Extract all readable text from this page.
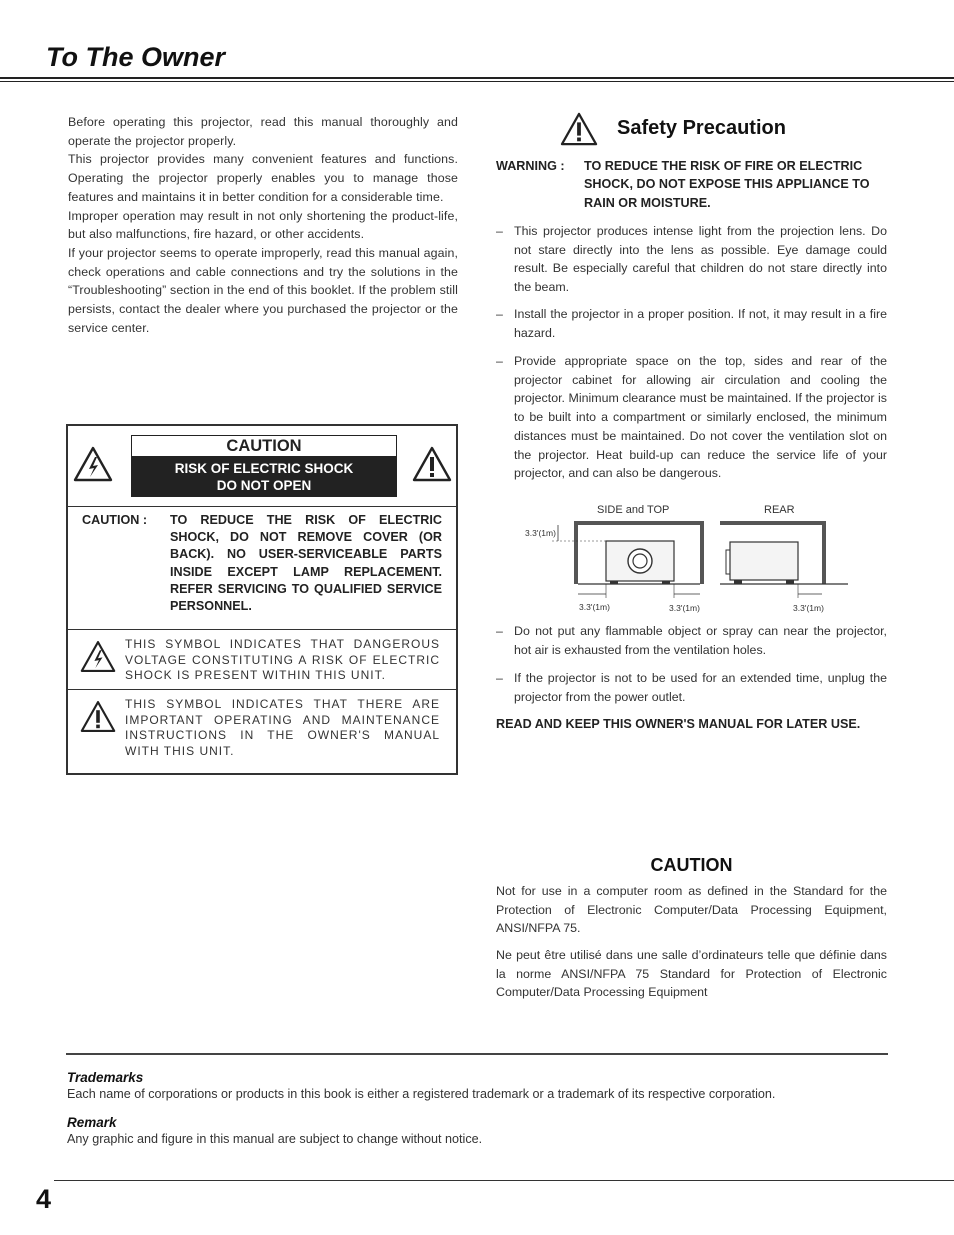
To The Owner

Before operating this projector, read this manual thoroughly and operate the projector properly.

This projector provides many convenient features and functions. Operating the projector properly enables you to manage those features and maintains it in better condition for a considerable time.

Improper operation may result in not only shortening the product-life, but also malfunctions, fire hazard, or other accidents.

If your projector seems to operate improperly, read this manual again, check operations and cable connections and try the solutions in the “Troubleshooting” section in the end of this booklet. If the problem still persists, contact the dealer where you purchased the projector or the service center.

CAUTION
RISK OF ELECTRIC SHOCK
DO NOT OPEN
CAUTION : TO REDUCE THE RISK OF ELECTRIC SHOCK, DO NOT REMOVE COVER (OR BACK). NO USER-SERVICEABLE PARTS INSIDE EXCEPT LAMP REPLACEMENT. REFER SERVICING TO QUALIFIED SERVICE PERSONNEL.
THIS SYMBOL INDICATES THAT DANGEROUS VOLTAGE CONSTITUTING A RISK OF ELECTRIC SHOCK IS PRESENT WITHIN THIS UNIT.
THIS SYMBOL INDICATES THAT THERE ARE IMPORTANT OPERATING AND MAINTENANCE INSTRUCTIONS IN THE OWNER'S MANUAL WITH THIS UNIT.
Safety Precaution
WARNING : TO REDUCE THE RISK OF FIRE OR ELECTRIC SHOCK, DO NOT EXPOSE THIS APPLIANCE TO RAIN OR MOISTURE.
– This projector produces intense light from the projection lens. Do not stare directly into the lens as possible. Eye damage could result. Be especially careful that children do not stare directly into the beam.
– Install the projector in a proper position. If not, it may result in a fire hazard.
– Provide appropriate space on the top, sides and rear of the projector cabinet for allowing air circulation and cooling the projector. Minimum clearance must be maintained. If the projector is to be built into a compartment or similarly enclosed, the minimum distances must be maintained. Do not cover the ventilation slot on the projector. Heat build-up can reduce the service life of your projector, and can also be dangerous.
SIDE and TOP	REAR
3.3'(1m)
3.3'(1m)	3.3'(1m)	3.3'(1m)
– Do not put any flammable object or spray can near the projector, hot air is exhausted from the ventilation holes.
– If the projector is not to be used for an extended time, unplug the projector from the power outlet.
READ AND KEEP THIS OWNER'S MANUAL FOR LATER USE.
CAUTION

Not for use in a computer room as defined in the Standard for the Protection of Electronic Computer/Data Processing Equipment, ANSI/NFPA 75.

Ne peut être utilisé dans une salle d’ordinateurs telle que définie dans la norme ANSI/NFPA 75 Standard for Protection of Electronic Computer/Data Processing Equipment

Trademarks
Each name of corporations or products in this book is either a registered trademark or a trademark of its respective corporation.
Remark
Any graphic and figure in this manual are subject to change without notice.
4
